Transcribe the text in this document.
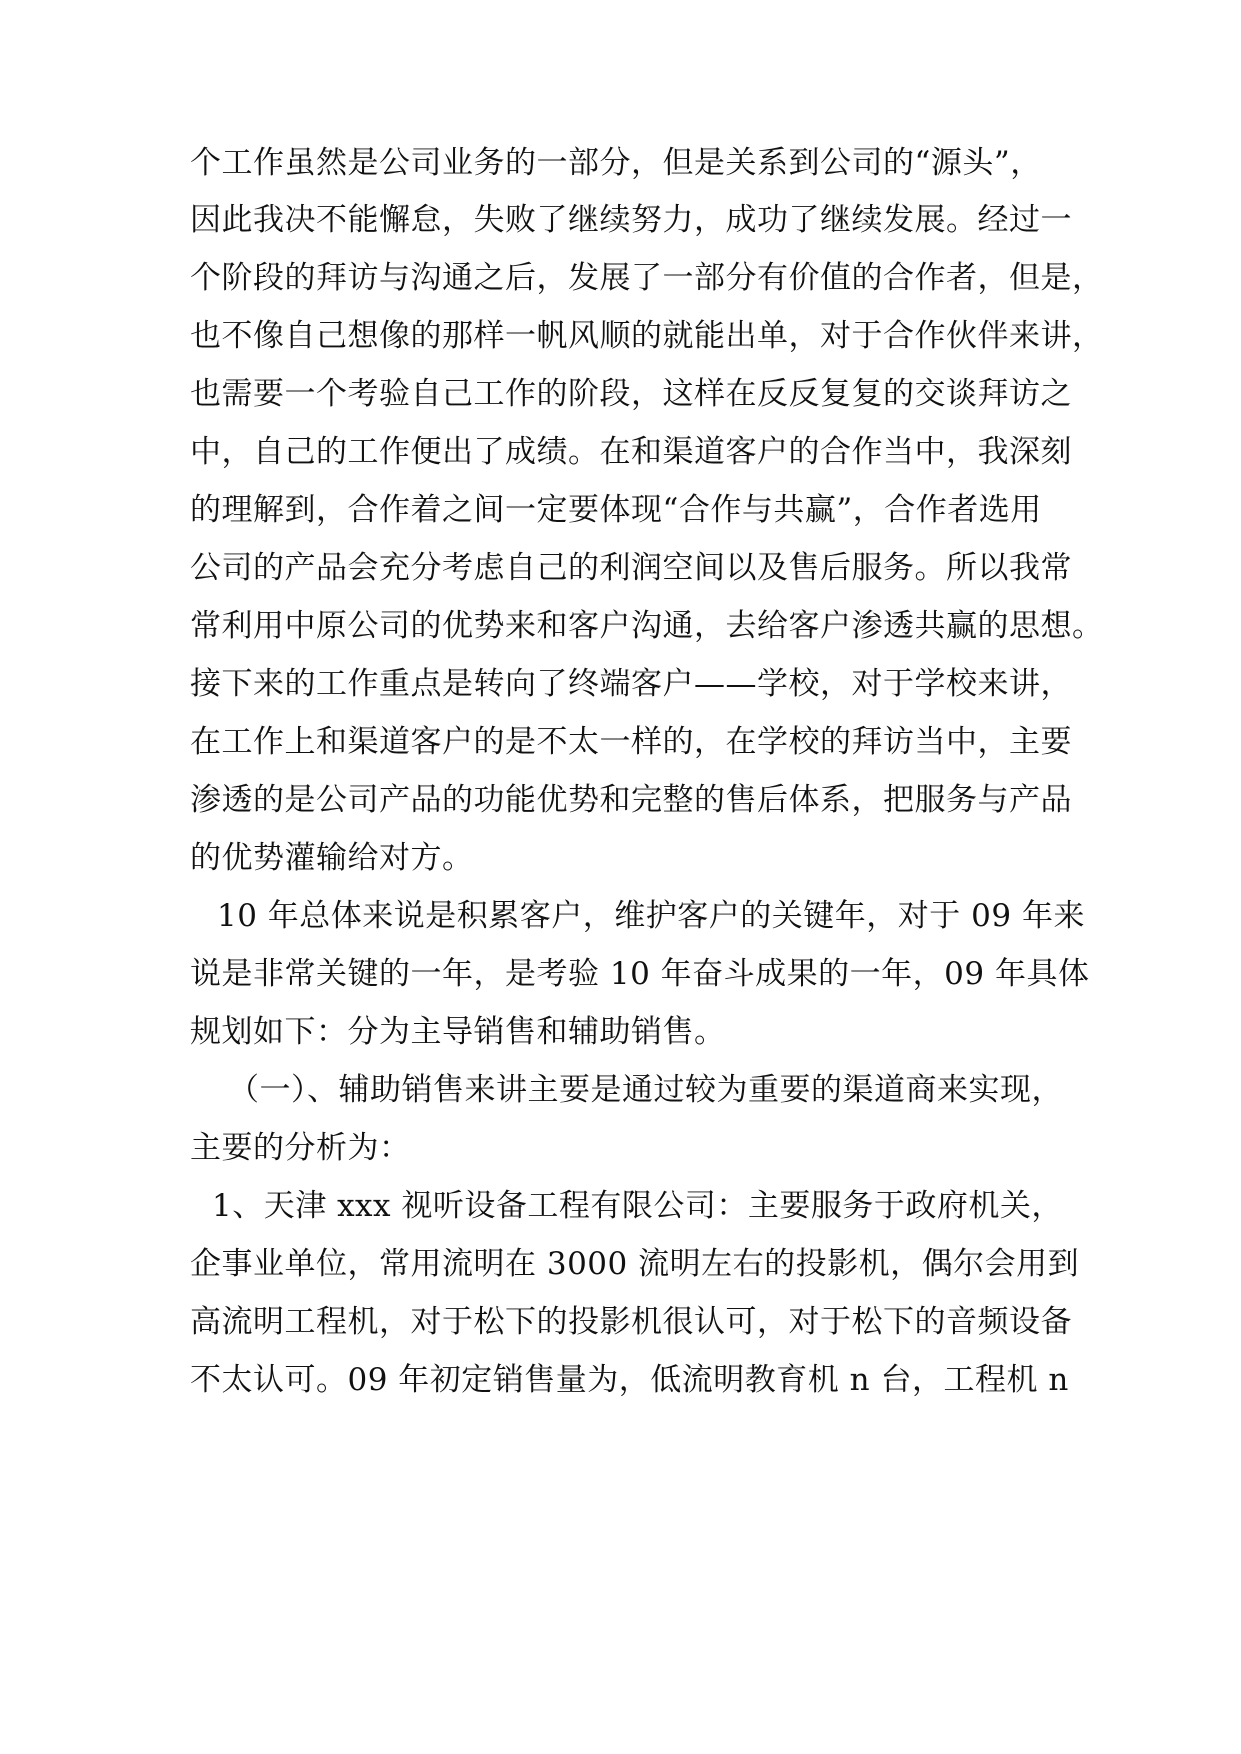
个工作虽然是公司业务的一部分，但是关系到公司的“源头”，
因此我决不能懈怠，失败了继续努力，成功了继续发展。经过一
个阶段的拜访与沟通之后，发展了一部分有价值的合作者，但是，
也不像自己想像的那样一帆风顺的就能出单，对于合作伙伴来讲，
也需要一个考验自己工作的阶段，这样在反反复复的交谈拜访之
中，自己的工作便出了成绩。在和渠道客户的合作当中，我深刻
的理解到，合作着之间一定要体现“合作与共赢”，合作者选用
公司的产品会充分考虑自己的利润空间以及售后服务。所以我常
常利用中原公司的优势来和客户沟通，去给客户渗透共赢的思想。
接下来的工作重点是转向了终端客户——学校，对于学校来讲，
在工作上和渠道客户的是不太一样的，在学校的拜访当中，主要
渗透的是公司产品的功能优势和完整的售后体系，把服务与产品
的优势灌输给对方。
10 年总体来说是积累客户，维护客户的关键年，对于 09 年来
说是非常关键的一年，是考验 10 年奋斗成果的一年，09 年具体
规划如下：分为主导销售和辅助销售。
（一）、辅助销售来讲主要是通过较为重要的渠道商来实现，
主要的分析为：
1、天津 xxx 视听设备工程有限公司：主要服务于政府机关，
企事业单位，常用流明在 3000 流明左右的投影机，偶尔会用到
高流明工程机，对于松下的投影机很认可，对于松下的音频设备
不太认可。09 年初定销售量为，低流明教育机 n 台，工程机 n
